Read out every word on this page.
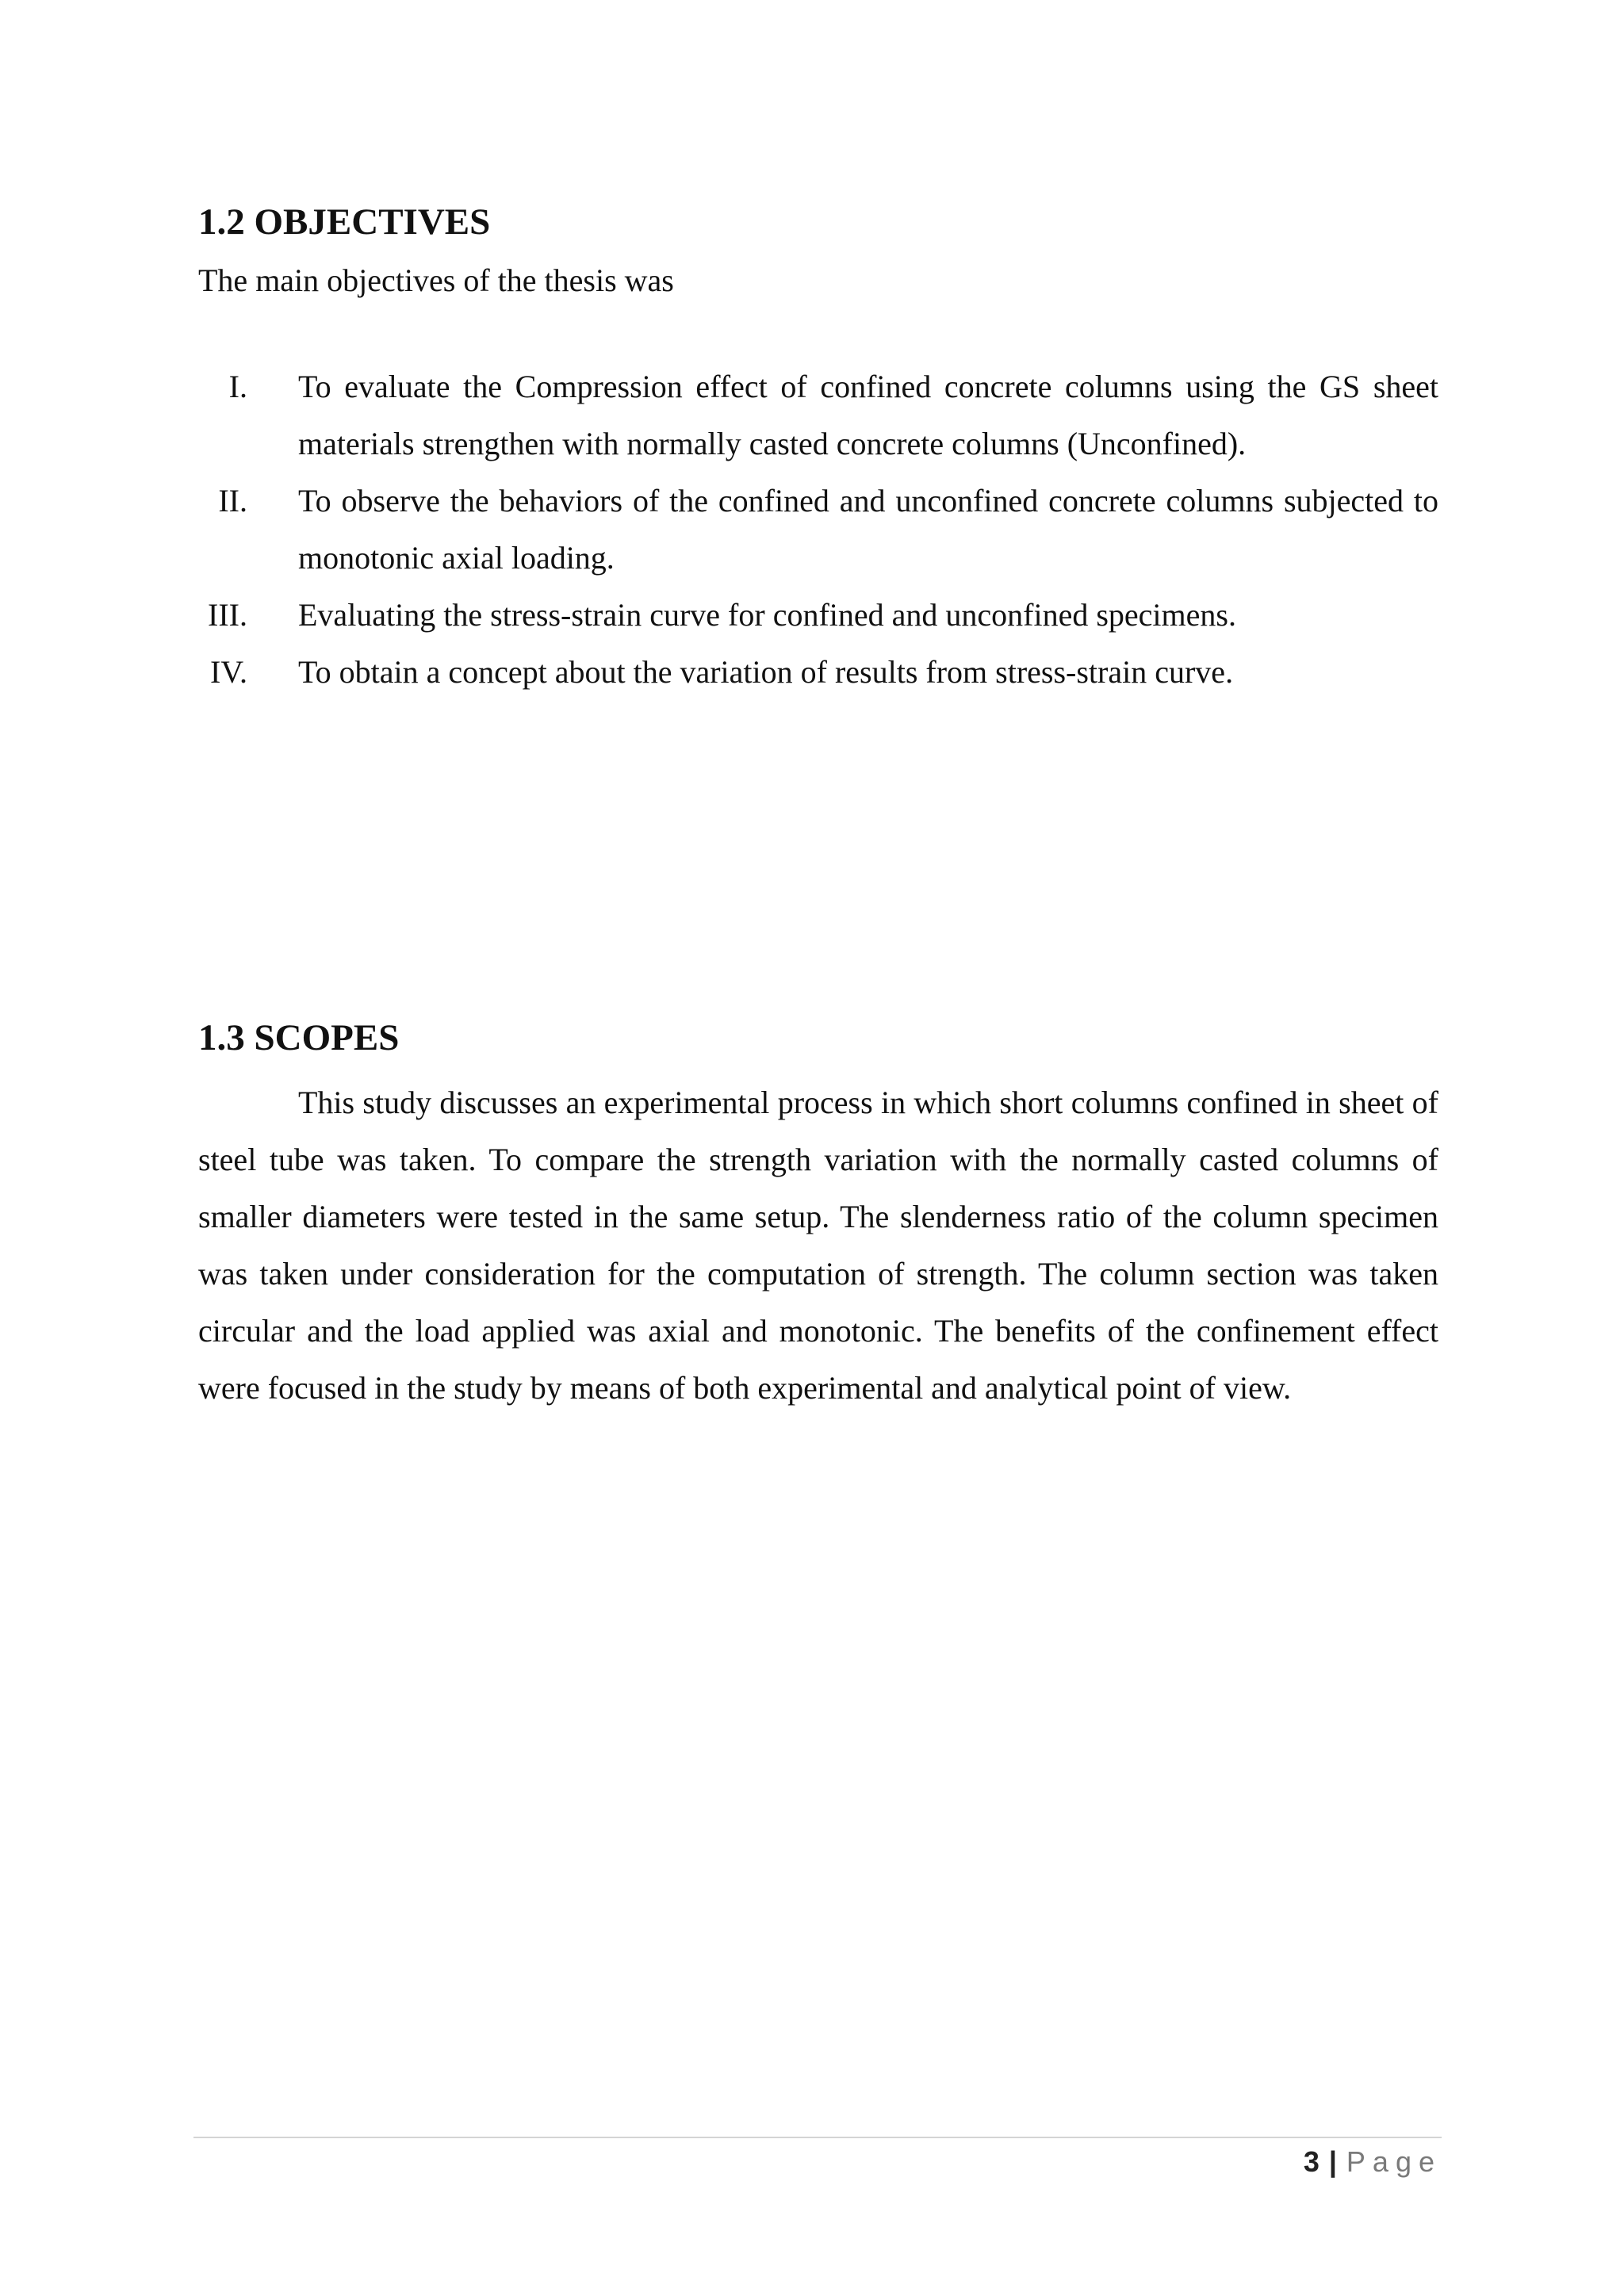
1.2 OBJECTIVES

The main objectives of the thesis was

I. To evaluate the Compression effect of confined concrete columns using the GS sheet materials strengthen with normally casted concrete columns (Unconfined).
II. To observe the behaviors of the confined and unconfined concrete columns subjected to monotonic axial loading.
III. Evaluating the stress-strain curve for confined and unconfined specimens.
IV. To obtain a concept about the variation of results from stress-strain curve.
1.3 SCOPES

This study discusses an experimental process in which short columns confined in sheet of steel tube was taken. To compare the strength variation with the normally casted columns of smaller diameters were tested in the same setup. The slenderness ratio of the column specimen was taken under consideration for the computation of strength. The column section was taken circular and the load applied was axial and monotonic. The benefits of the confinement effect were focused in the study by means of both experimental and analytical point of view.

3 | Page
